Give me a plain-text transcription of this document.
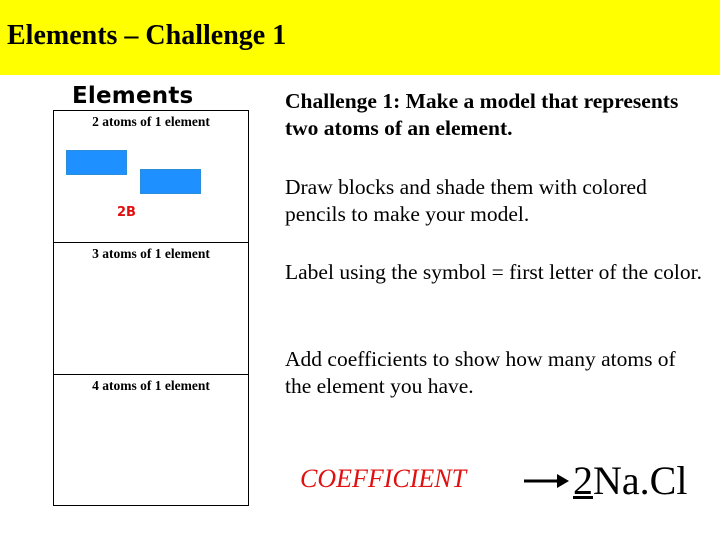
Elements – Challenge 1
Elements
2 atoms of 1 element
2B
3 atoms of 1 element
4 atoms of 1 element
Challenge 1: Make a model that represents two atoms of an element.
Draw blocks and shade them with colored pencils to make your model.
Label using the symbol = first letter of the color.
Add coefficients to show how many atoms of the element you have.
COEFFICIENT	2Na.Cl
